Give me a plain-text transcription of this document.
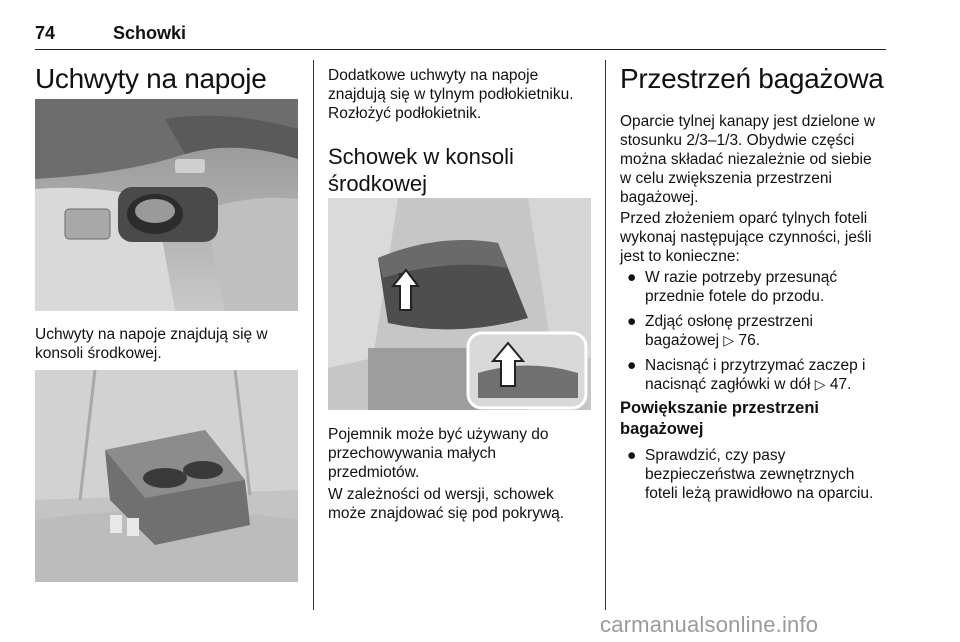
74	Schowki
Uchwyty na napoje

Uchwyty na napoje znajdują się w
konsoli środkowej.

Dodatkowe uchwyty na napoje
znajdują się w tylnym podłokietniku.
Rozłożyć podłokietnik.

Schowek w konsoli
środkowej

Pojemnik może być używany do
przechowywania małych
przedmiotów.

W zależności od wersji, schowek
może znajdować się pod pokrywą.

Przestrzeń bagażowa

Oparcie tylnej kanapy jest dzielone w
stosunku 2/3–1/3. Obydwie części
można składać niezależnie od siebie
w celu zwiększenia przestrzeni
bagażowej.

Przed złożeniem oparć tylnych foteli
wykonaj następujące czynności, jeśli
jest to konieczne:

● W razie potrzeby przesunąć
przednie fotele do przodu.
● Zdjąć osłonę przestrzeni
bagażowej ▷ 76.
● Nacisnąć i przytrzymać zaczep i
nacisnąć zagłówki w dół ▷ 47.
Powiększanie przestrzeni
bagażowej
● Sprawdzić, czy pasy
bezpieczeństwa zewnętrznych
foteli leżą prawidłowo na oparciu.
carmanualsonline.info
